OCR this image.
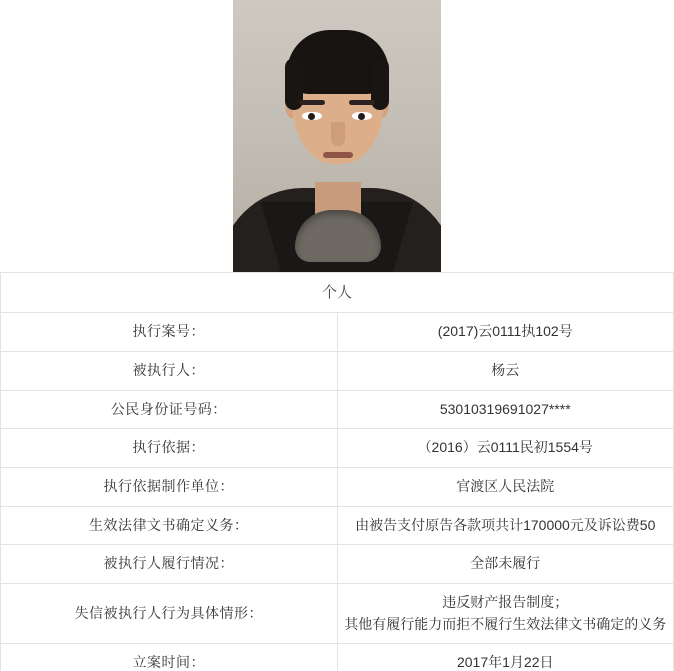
个人	
执行案号：	(2017)云0111执102号

被执行人：	杨云

公民身份证号码：	53010319691027****

执行依据：	（2016）云0111民初1554号

执行依据制作单位：	官渡区人民法院

生效法律文书确定义务：	由被告支付原告各款项共计170000元及诉讼费50

被执行人履行情况：	全部未履行

失信被执行人行为具体情形：	违反财产报告制度；
其他有履行能力而拒不履行生效法律文书确定的义务

立案时间：	2017年1月22日
